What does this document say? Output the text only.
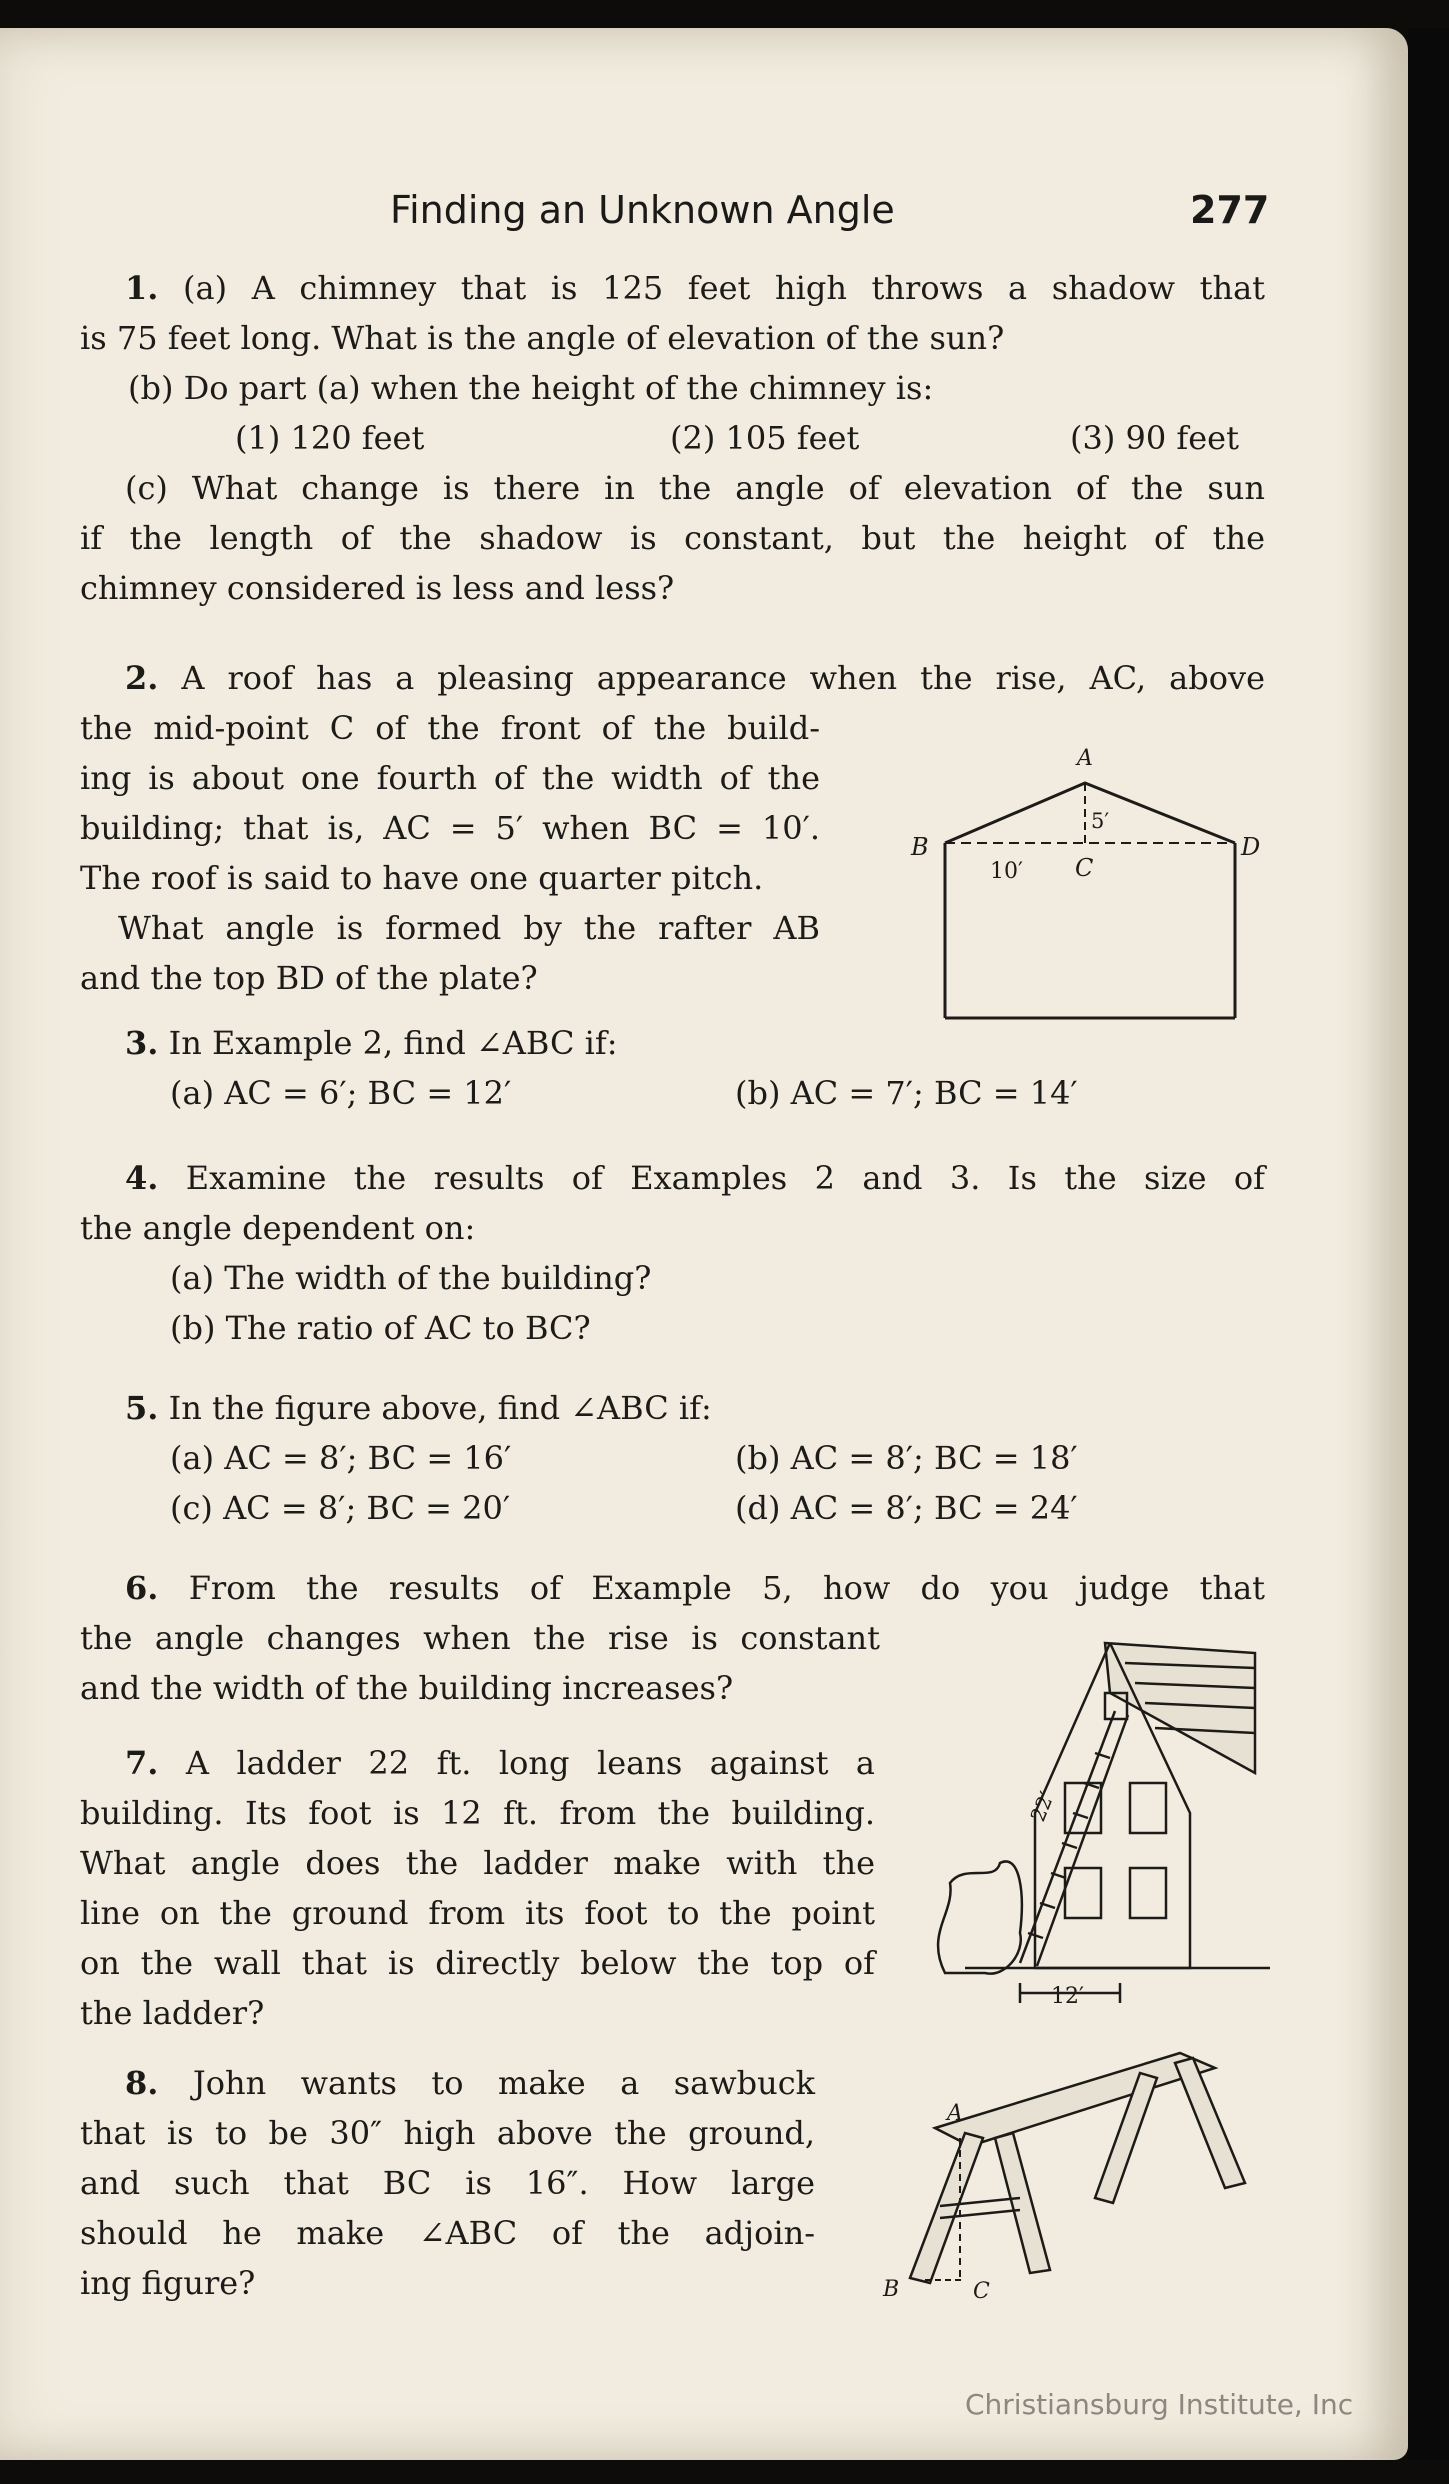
Finding an Unknown Angle	277

1. (a) A chimney that is 125 feet high throws a shadow that

is 75 feet long. What is the angle of elevation of the sun?

(b) Do part (a) when the height of the chimney is:

(1) 120 feet	(2) 105 feet	(3) 90 feet

(c) What change is there in the angle of elevation of the sun

if the length of the shadow is constant, but the height of the

chimney considered is less and less?

2. A roof has a pleasing appearance when the rise, AC, above

the mid-point C of the front of the build-

ing is about one fourth of the width of the

building; that is, AC = 5′ when BC = 10′.

The roof is said to have one quarter pitch.

What angle is formed by the rafter AB

and the top BD of the plate?

A
B
C
D
5′
10′

3. In Example 2, find ∠ABC if:

(a) AC = 6′; BC = 12′	(b) AC = 7′; BC = 14′

4. Examine the results of Examples 2 and 3. Is the size of

the angle dependent on:

(a) The width of the building?

(b) The ratio of AC to BC?

5. In the figure above, find ∠ABC if:

(a) AC = 8′; BC = 16′	(b) AC = 8′; BC = 18′
(c) AC = 8′; BC = 20′	(d) AC = 8′; BC = 24′

6. From the results of Example 5, how do you judge that

the angle changes when the rise is constant

and the width of the building increases?

7. A ladder 22 ft. long leans against a

building. Its foot is 12 ft. from the building.

What angle does the ladder make with the

line on the ground from its foot to the point

on the wall that is directly below the top of

the ladder?	12′
22′

8. John wants to make a sawbuck

that is to be 30″ high above the ground,

and such that BC is 16″. How large

should he make ∠ABC of the adjoin-

ing figure?

A
B	C
Christiansburg Institute, Inc
